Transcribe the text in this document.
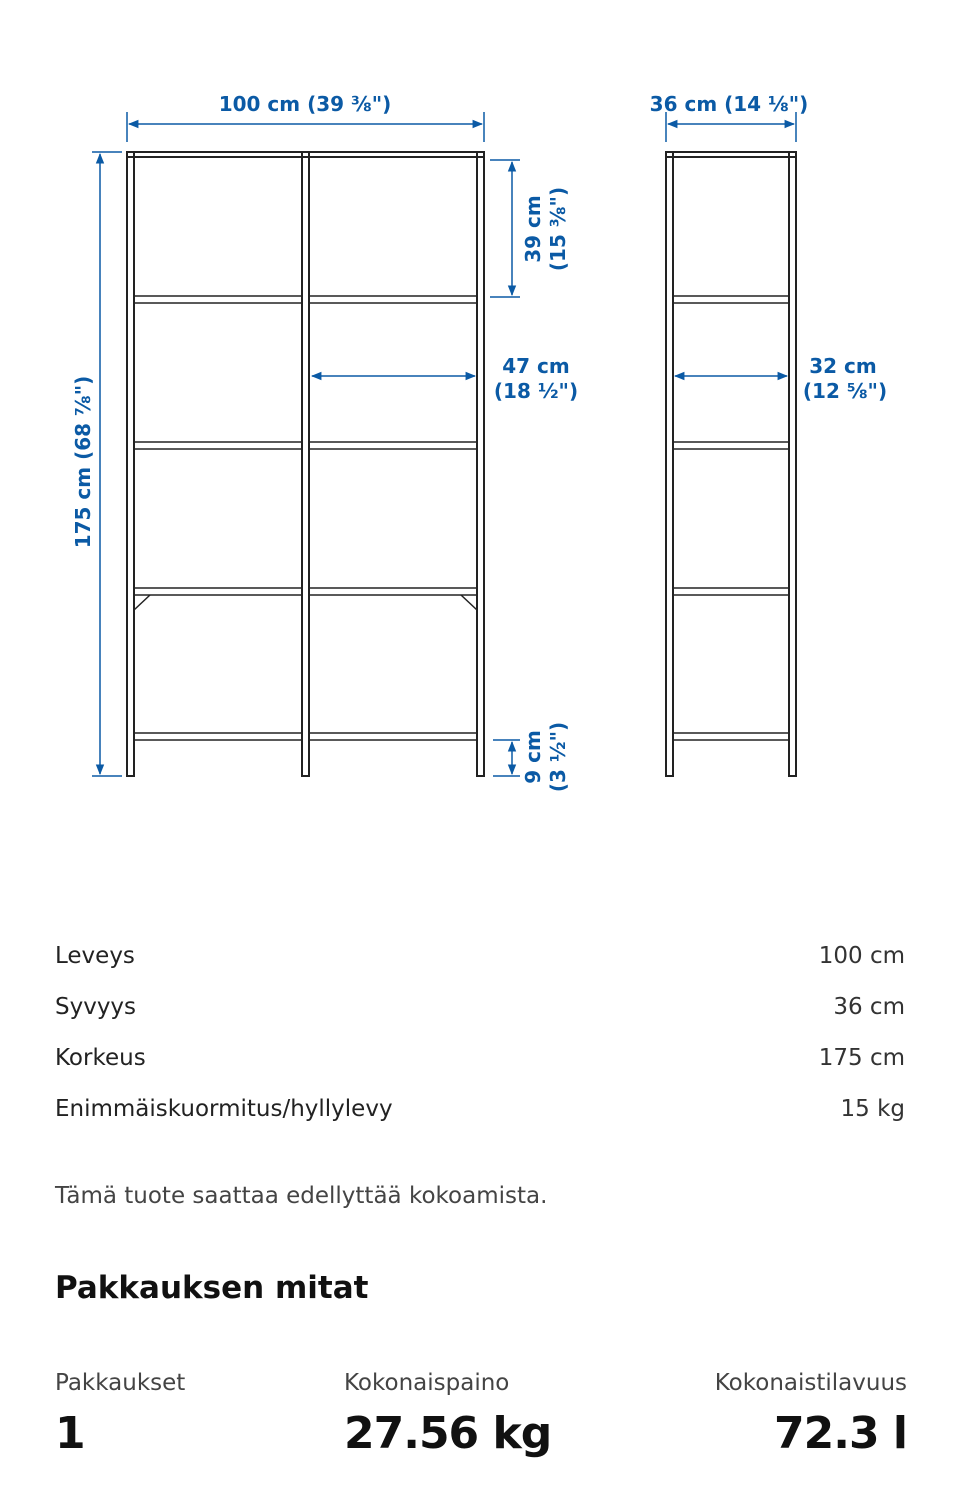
100 cm (39 ⅜")	36 cm (14 ⅛")
175 cm (68 ⅞")
39 cm (15 ⅜")
47 cm
(18 ½")
32 cm
(12 ⅝")
9 cm (3 ½")
Leveys	100 cm
Syvyys	36 cm
Korkeus	175 cm
Enimmäiskuormitus/hyllylevy	15 kg
Tämä tuote saattaa edellyttää kokoamista.
Pakkauksen mitat
Pakkaukset
1
Kokonaispaino
27.56 kg
Kokonaistilavuus
72.3 l
